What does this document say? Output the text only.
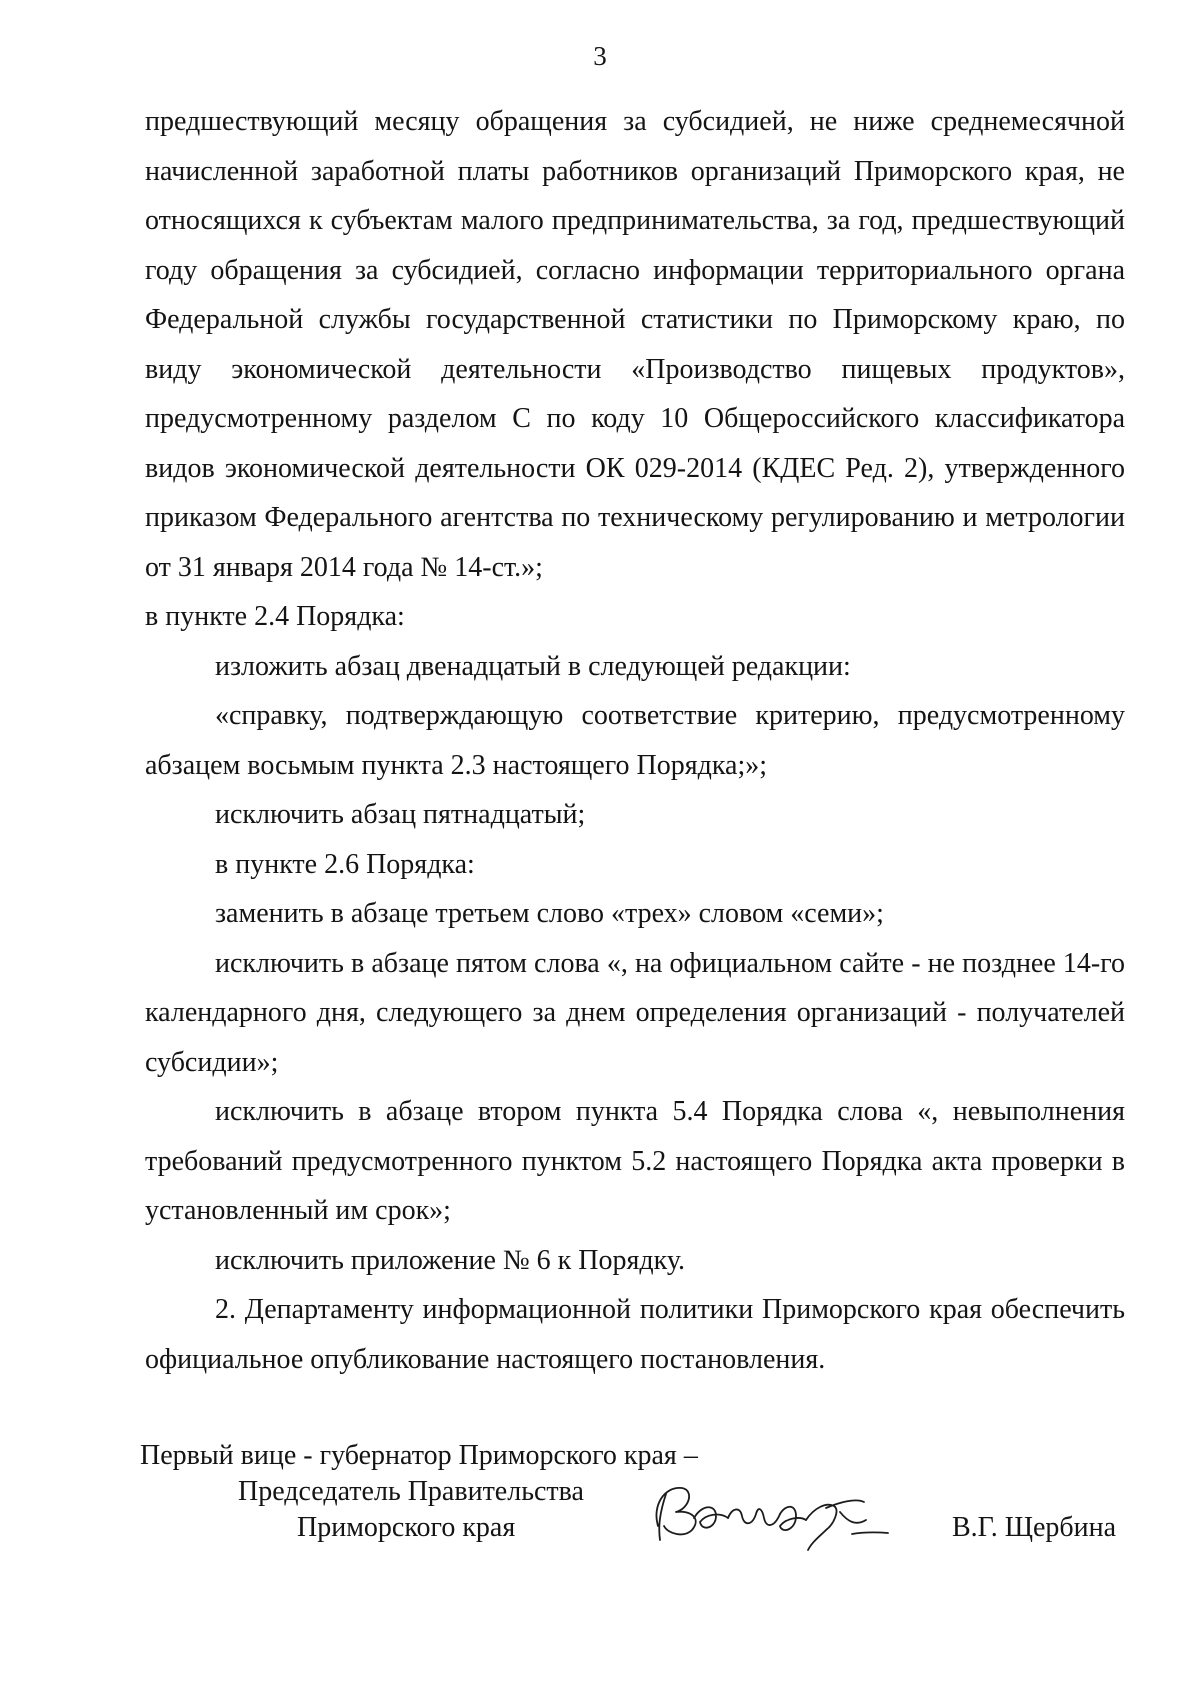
3

предшествующий месяцу обращения за субсидией, не ниже среднемесячной начисленной заработной платы работников организаций Приморского края, не относящихся к субъектам малого предпринимательства, за год, предшествующий году обращения за субсидией, согласно информации территориального органа Федеральной службы государственной статистики по Приморскому краю, по виду экономической деятельности «Производство пищевых продуктов», предусмотренному разделом С по коду 10 Общероссийского классификатора видов экономической деятельности ОК 029-2014 (КДЕС Ред. 2), утвержденного приказом Федерального агентства по техническому регулированию и метрологии от 31 января 2014 года № 14-ст.»;

в пункте 2.4 Порядка:

изложить абзац двенадцатый в следующей редакции:

«справку, подтверждающую соответствие критерию, предусмотренному абзацем восьмым пункта 2.3 настоящего Порядка;»;

исключить абзац пятнадцатый;

в пункте 2.6 Порядка:

заменить в абзаце третьем слово «трех» словом «семи»;

исключить в абзаце пятом слова «, на официальном сайте - не позднее 14-го календарного дня, следующего за днем определения организаций - получателей субсидии»;

исключить в абзаце втором пункта 5.4 Порядка слова «, невыполнения требований предусмотренного пунктом 5.2 настоящего Порядка акта проверки в установленный им срок»;

исключить приложение № 6 к Порядку.

2. Департаменту информационной политики Приморского края обеспечить официальное опубликование настоящего постановления.

Первый вице - губернатор Приморского края –
Председатель Правительства
Приморского края	В.Г. Щербина
